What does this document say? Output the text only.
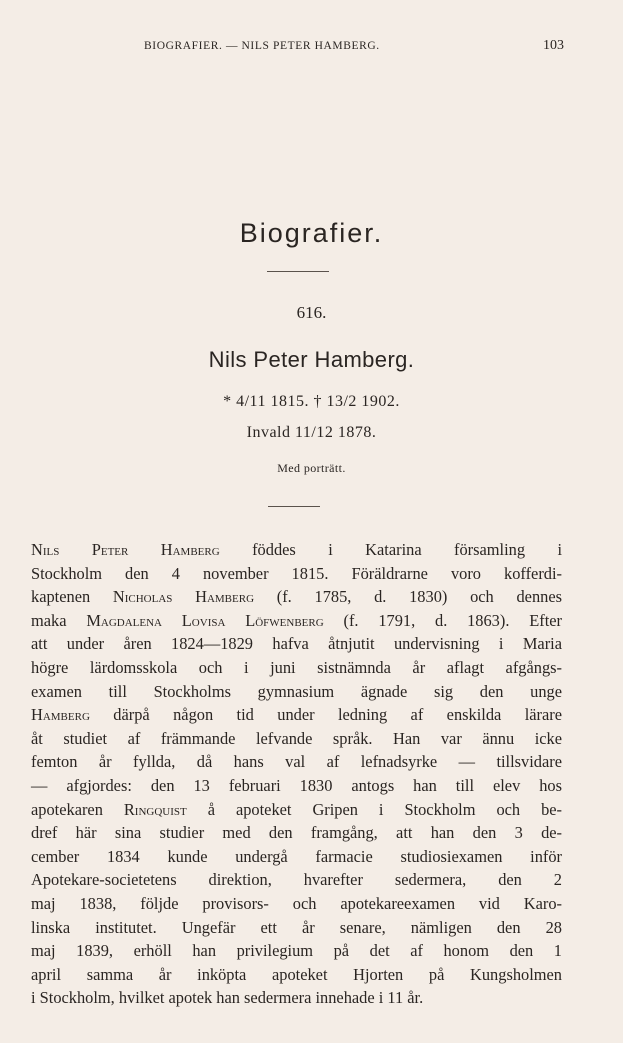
BIOGRAFIER. — NILS PETER HAMBERG.	103
Biografier.
616.
Nils Peter Hamberg.
* 4/11 1815. † 13/2 1902.
Invald 11/12 1878.
Med porträtt.
Nils Peter Hamberg föddes i Katarina församling i
Stockholm den 4 november 1815. Föräldrarne voro kofferdi-
kaptenen Nicholas Hamberg (f. 1785, d. 1830) och dennes
maka Magdalena Lovisa Löfwenberg (f. 1791, d. 1863). Efter
att under åren 1824—1829 hafva åtnjutit undervisning i Maria
högre lärdomsskola och i juni sistnämnda år aflagt afgångs-
examen till Stockholms gymnasium ägnade sig den unge
Hamberg därpå någon tid under ledning af enskilda lärare
åt studiet af främmande lefvande språk. Han var ännu icke
femton år fyllda, då hans val af lefnadsyrke — tillsvidare
— afgjordes: den 13 februari 1830 antogs han till elev hos
apotekaren Ringquist å apoteket Gripen i Stockholm och be-
dref här sina studier med den framgång, att han den 3 de-
cember 1834 kunde undergå farmacie studiosiexamen inför
Apotekare-societetens direktion, hvarefter sedermera, den 2
maj 1838, följde provisors- och apotekareexamen vid Karo-
linska institutet. Ungefär ett år senare, nämligen den 28
maj 1839, erhöll han privilegium på det af honom den 1
april samma år inköpta apoteket Hjorten på Kungsholmen
i Stockholm, hvilket apotek han sedermera innehade i 11 år.
